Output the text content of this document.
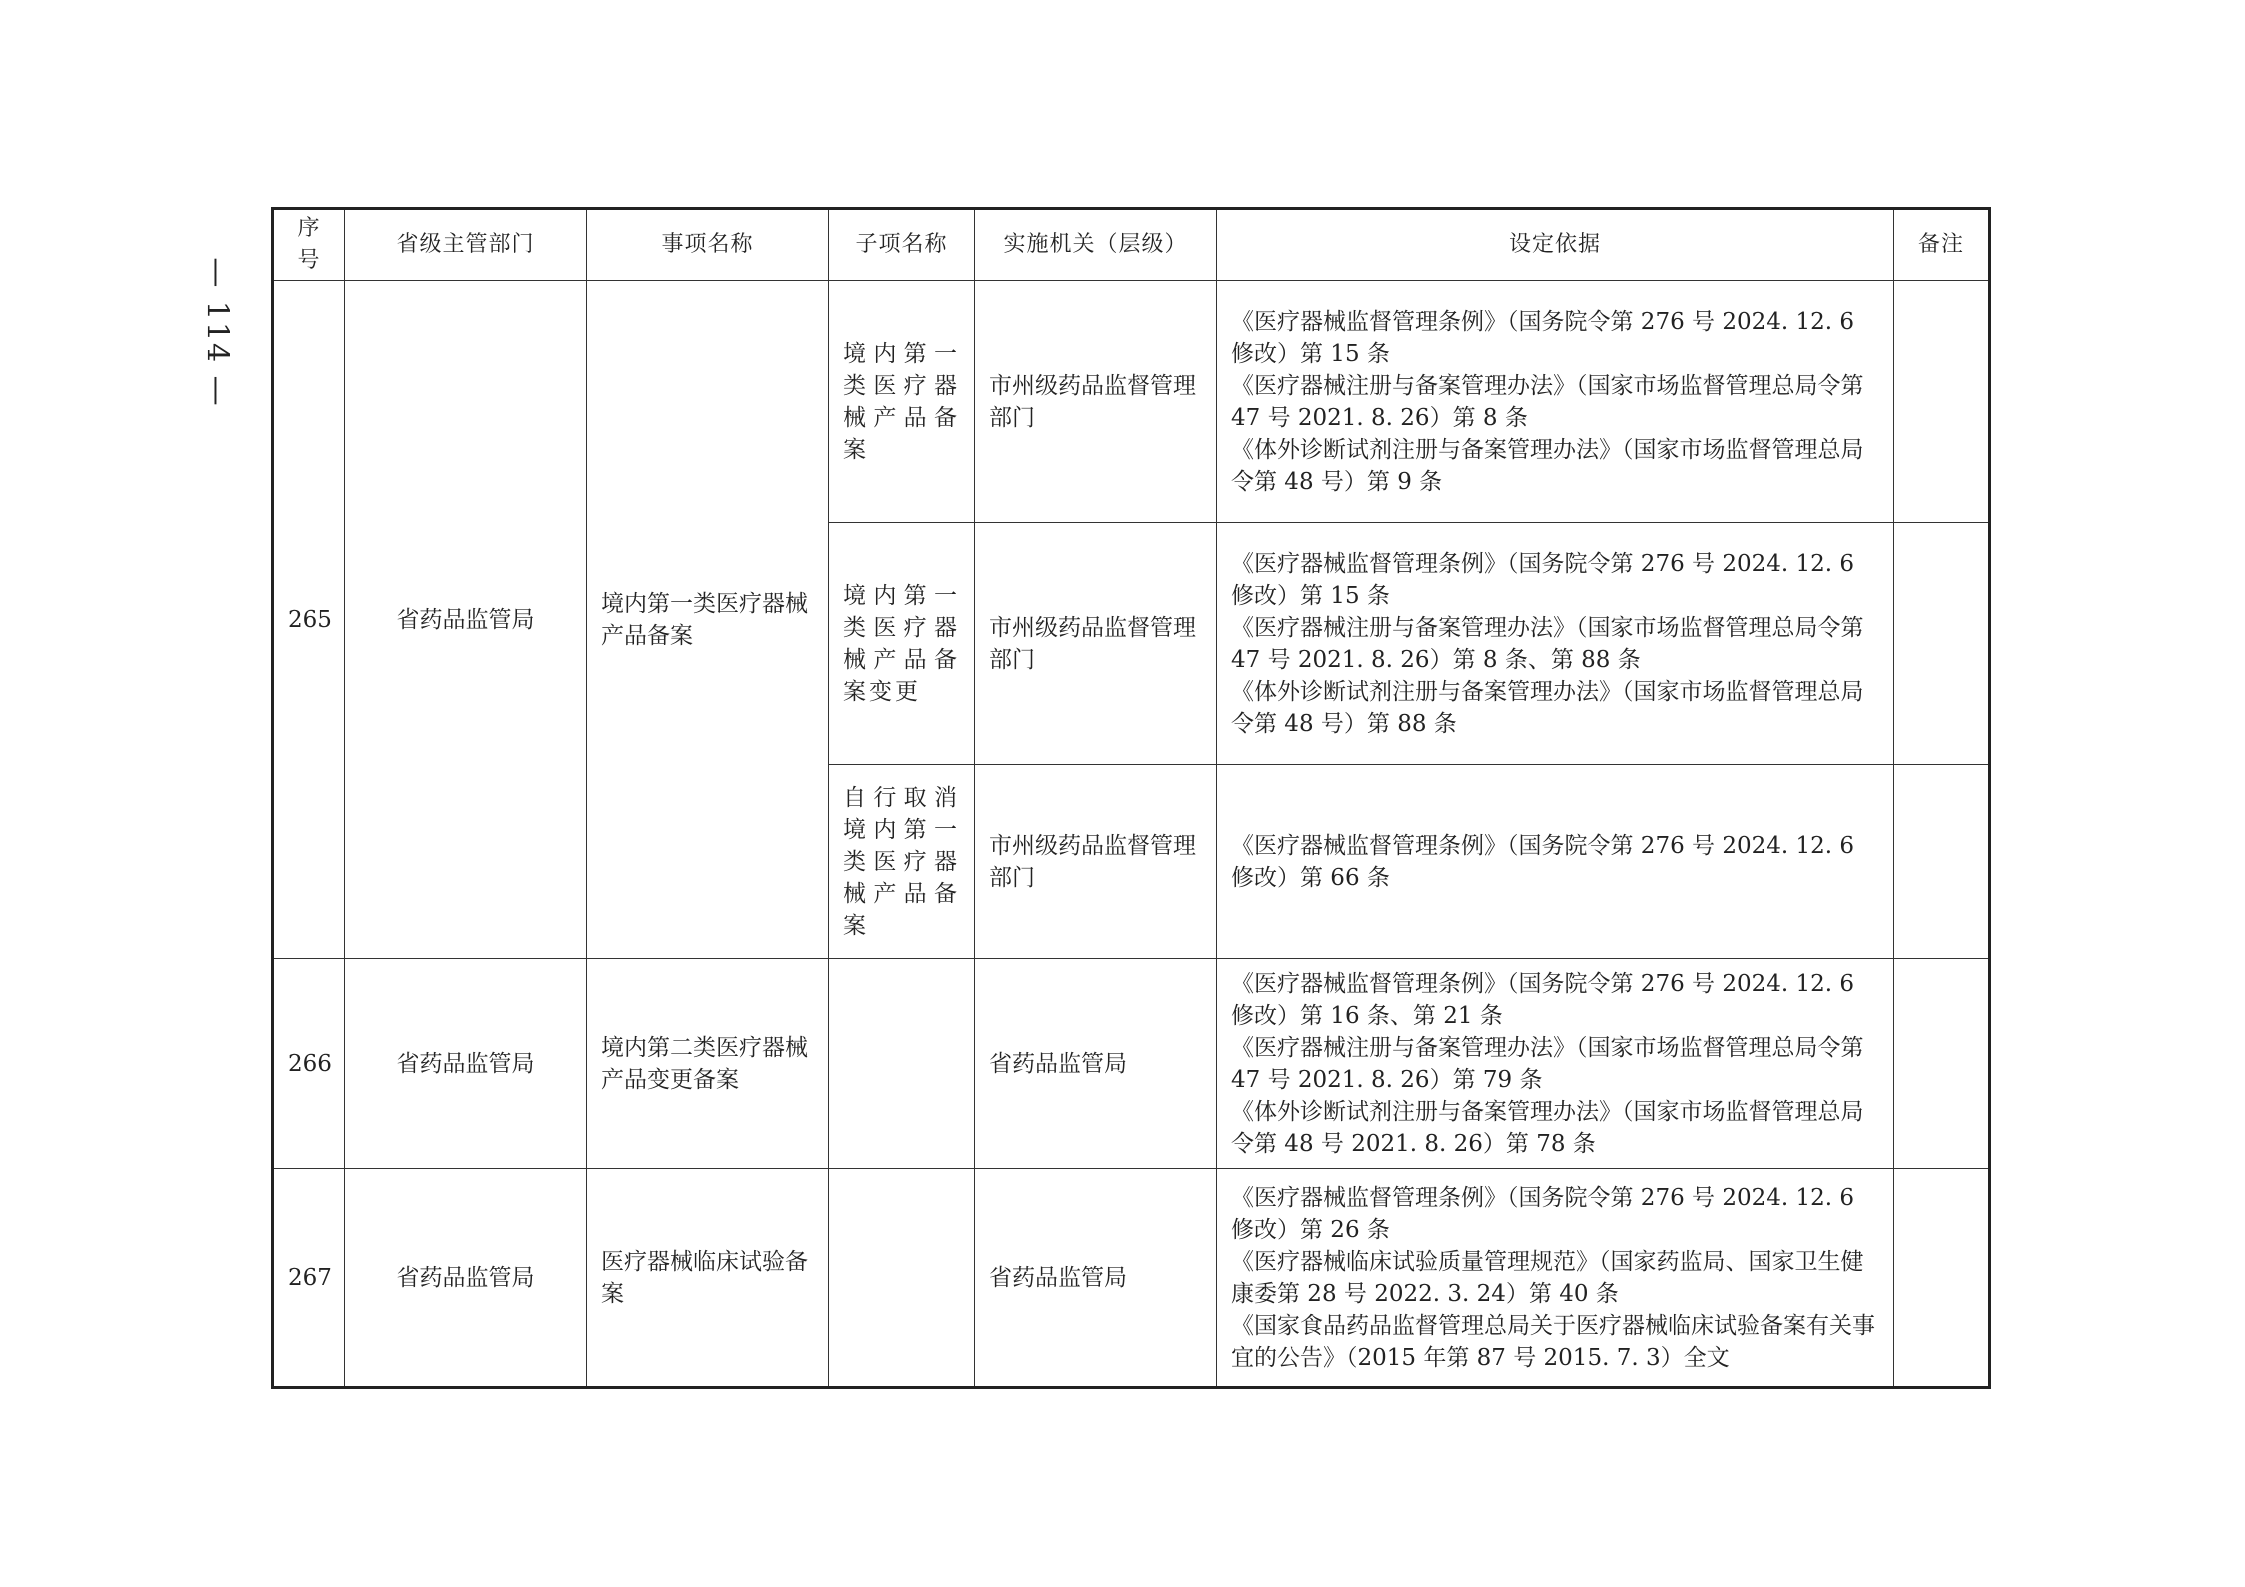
— 114 —
序号	省级主管部门	事项名称	子项名称	实施机关（层级）	设定依据	备注
265	省药品监管局	境内第一类医疗器械产品备案	境内第一类医疗器械产品备案	市州级药品监督管理部门	《医疗器械监督管理条例》（国务院令第 276 号 2024. 12. 6 修改）第 15 条
《医疗器械注册与备案管理办法》（国家市场监督管理总局令第 47 号 2021. 8. 26）第 8 条
《体外诊断试剂注册与备案管理办法》（国家市场监督管理总局令第 48 号）第 9 条	

			境内第一类医疗器械产品备案变更	市州级药品监督管理部门	《医疗器械监督管理条例》（国务院令第 276 号 2024. 12. 6 修改）第 15 条
《医疗器械注册与备案管理办法》（国家市场监督管理总局令第 47 号 2021. 8. 26）第 8 条、第 88 条
《体外诊断试剂注册与备案管理办法》（国家市场监督管理总局令第 48 号）第 88 条	

			自行取消境内第一类医疗器械产品备案	市州级药品监督管理部门	《医疗器械监督管理条例》（国务院令第 276 号 2024. 12. 6 修改）第 66 条	

266	省药品监管局	境内第二类医疗器械产品变更备案		省药品监管局	《医疗器械监督管理条例》（国务院令第 276 号 2024. 12. 6 修改）第 16 条、第 21 条
《医疗器械注册与备案管理办法》（国家市场监督管理总局令第 47 号 2021. 8. 26）第 79 条
《体外诊断试剂注册与备案管理办法》（国家市场监督管理总局令第 48 号 2021. 8. 26）第 78 条	

267	省药品监管局	医疗器械临床试验备案		省药品监管局	《医疗器械监督管理条例》（国务院令第 276 号 2024. 12. 6 修改）第 26 条
《医疗器械临床试验质量管理规范》（国家药监局、国家卫生健康委第 28 号 2022. 3. 24）第 40 条
《国家食品药品监督管理总局关于医疗器械临床试验备案有关事宜的公告》（2015 年第 87 号 2015. 7. 3）全文	
